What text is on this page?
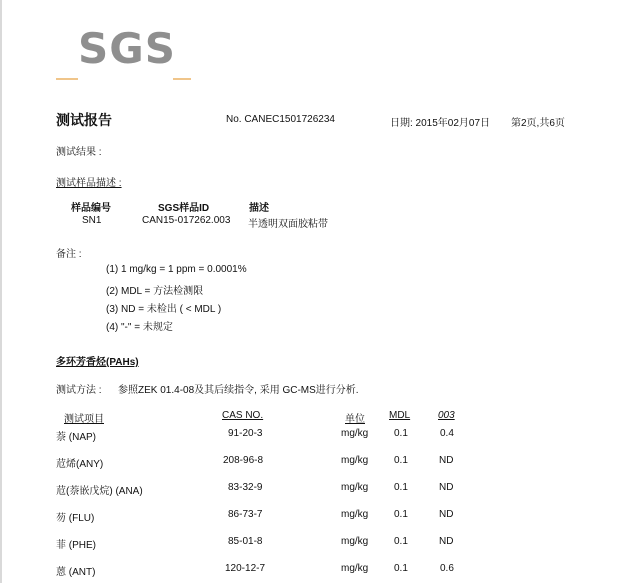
SGS
测试报告	No. CANEC1501726234	日期: 2015年02月07日 第2页,共6页
测试结果 :
测试样品描述 :
样品编号	SGS样品ID	描述
SN1	CAN15-017262.003 半透明双面胶粘带
备注 :
(1) 1 mg/kg = 1 ppm = 0.0001%
(2) MDL = 方法检测限
(3) ND = 未检出 ( < MDL )
(4) "-" = 未规定
多环芳香烃(PAHs)
测试方法 : 参照ZEK 01.4-08及其后续指令, 采用 GC-MS进行分析.
测试项目	CAS NO.	单位 MDL	003
萘 (NAP)	91-20-3	mg/kg	0.1	0.4
苊烯(ANY)	208-96-8	mg/kg	0.1	ND
苊(萘嵌戊烷) (ANA)	83-32-9	mg/kg	0.1	ND
芴 (FLU)	86-73-7	mg/kg	0.1	ND
菲 (PHE)	85-01-8	mg/kg	0.1	ND
蒽 (ANT)	120-12-7	mg/kg	0.1	0.6
